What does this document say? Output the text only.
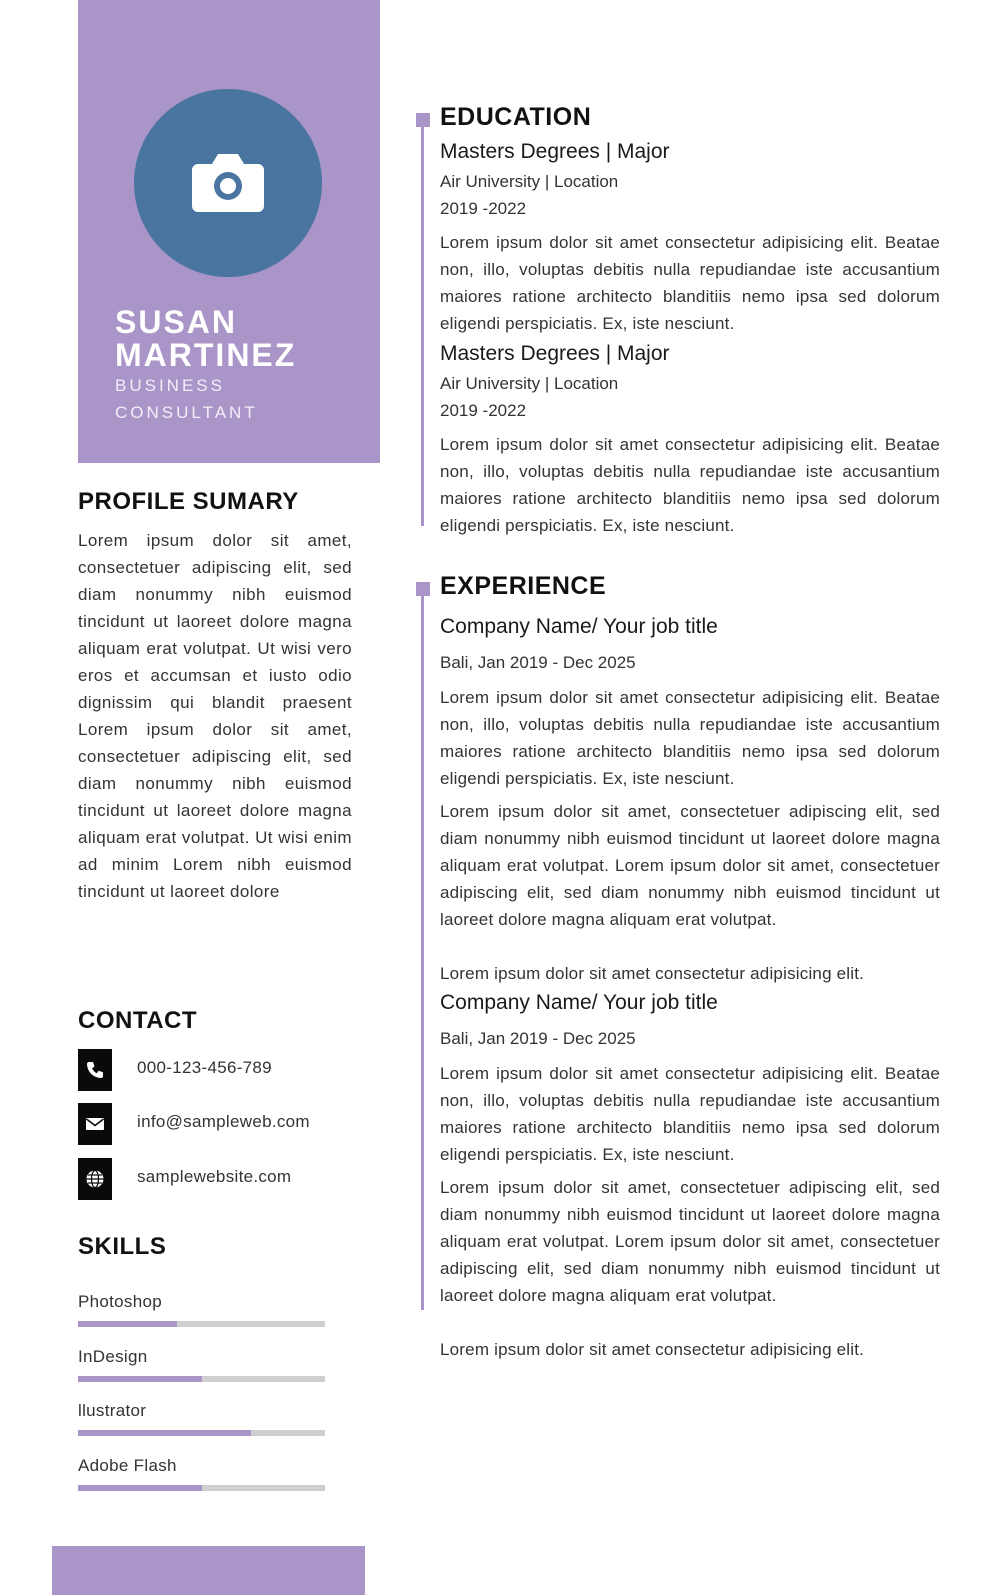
SUSAN MARTINEZ
BUSINESS CONSULTANT
PROFILE SUMARY
Lorem ipsum dolor sit amet, consectetuer adipiscing elit, sed diam nonummy nibh euismod tincidunt ut laoreet dolore magna aliquam erat volutpat. Ut wisi vero eros et accumsan et iusto odio dignissim qui blandit praesent Lorem ipsum dolor sit amet, consectetuer adipiscing elit, sed diam nonummy nibh euismod tincidunt ut laoreet dolore magna aliquam erat volutpat. Ut wisi enim ad minim Lorem nibh euismod tincidunt ut laoreet dolore
CONTACT
000-123-456-789
info@sampleweb.com
samplewebsite.com
SKILLS
Photoshop
InDesign
llustrator
Adobe Flash
EDUCATION
Masters Degrees | Major
Air University | Location
2019 -2022
Lorem ipsum dolor sit amet consectetur adipisicing elit. Beatae non, illo, voluptas debitis nulla repudiandae iste accusantium maiores ratione architecto blanditiis nemo ipsa sed dolorum eligendi perspiciatis. Ex, iste nesciunt.
Masters Degrees | Major
Air University | Location
2019 -2022
Lorem ipsum dolor sit amet consectetur adipisicing elit. Beatae non, illo, voluptas debitis nulla repudiandae iste accusantium maiores ratione architecto blanditiis nemo ipsa sed dolorum eligendi perspiciatis. Ex, iste nesciunt.
EXPERIENCE
Company Name/ Your job title
Bali, Jan 2019 - Dec 2025
Lorem ipsum dolor sit amet consectetur adipisicing elit. Beatae non, illo, voluptas debitis nulla repudiandae iste accusantium maiores ratione architecto blanditiis nemo ipsa sed dolorum eligendi perspiciatis. Ex, iste nesciunt.
Lorem ipsum dolor sit amet, consectetuer adipiscing elit, sed diam nonummy nibh euismod tincidunt ut laoreet dolore magna aliquam erat volutpat. Lorem ipsum dolor sit amet, consectetuer adipiscing elit, sed diam nonummy nibh euismod tincidunt ut laoreet dolore magna aliquam erat volutpat.
Lorem ipsum dolor sit amet consectetur adipisicing elit.
Company Name/ Your job title
Bali, Jan 2019 - Dec 2025
Lorem ipsum dolor sit amet consectetur adipisicing elit. Beatae non, illo, voluptas debitis nulla repudiandae iste accusantium maiores ratione architecto blanditiis nemo ipsa sed dolorum eligendi perspiciatis. Ex, iste nesciunt.
Lorem ipsum dolor sit amet, consectetuer adipiscing elit, sed diam nonummy nibh euismod tincidunt ut laoreet dolore magna aliquam erat volutpat. Lorem ipsum dolor sit amet, consectetuer adipiscing elit, sed diam nonummy nibh euismod tincidunt ut laoreet dolore magna aliquam erat volutpat.
Lorem ipsum dolor sit amet consectetur adipisicing elit.
